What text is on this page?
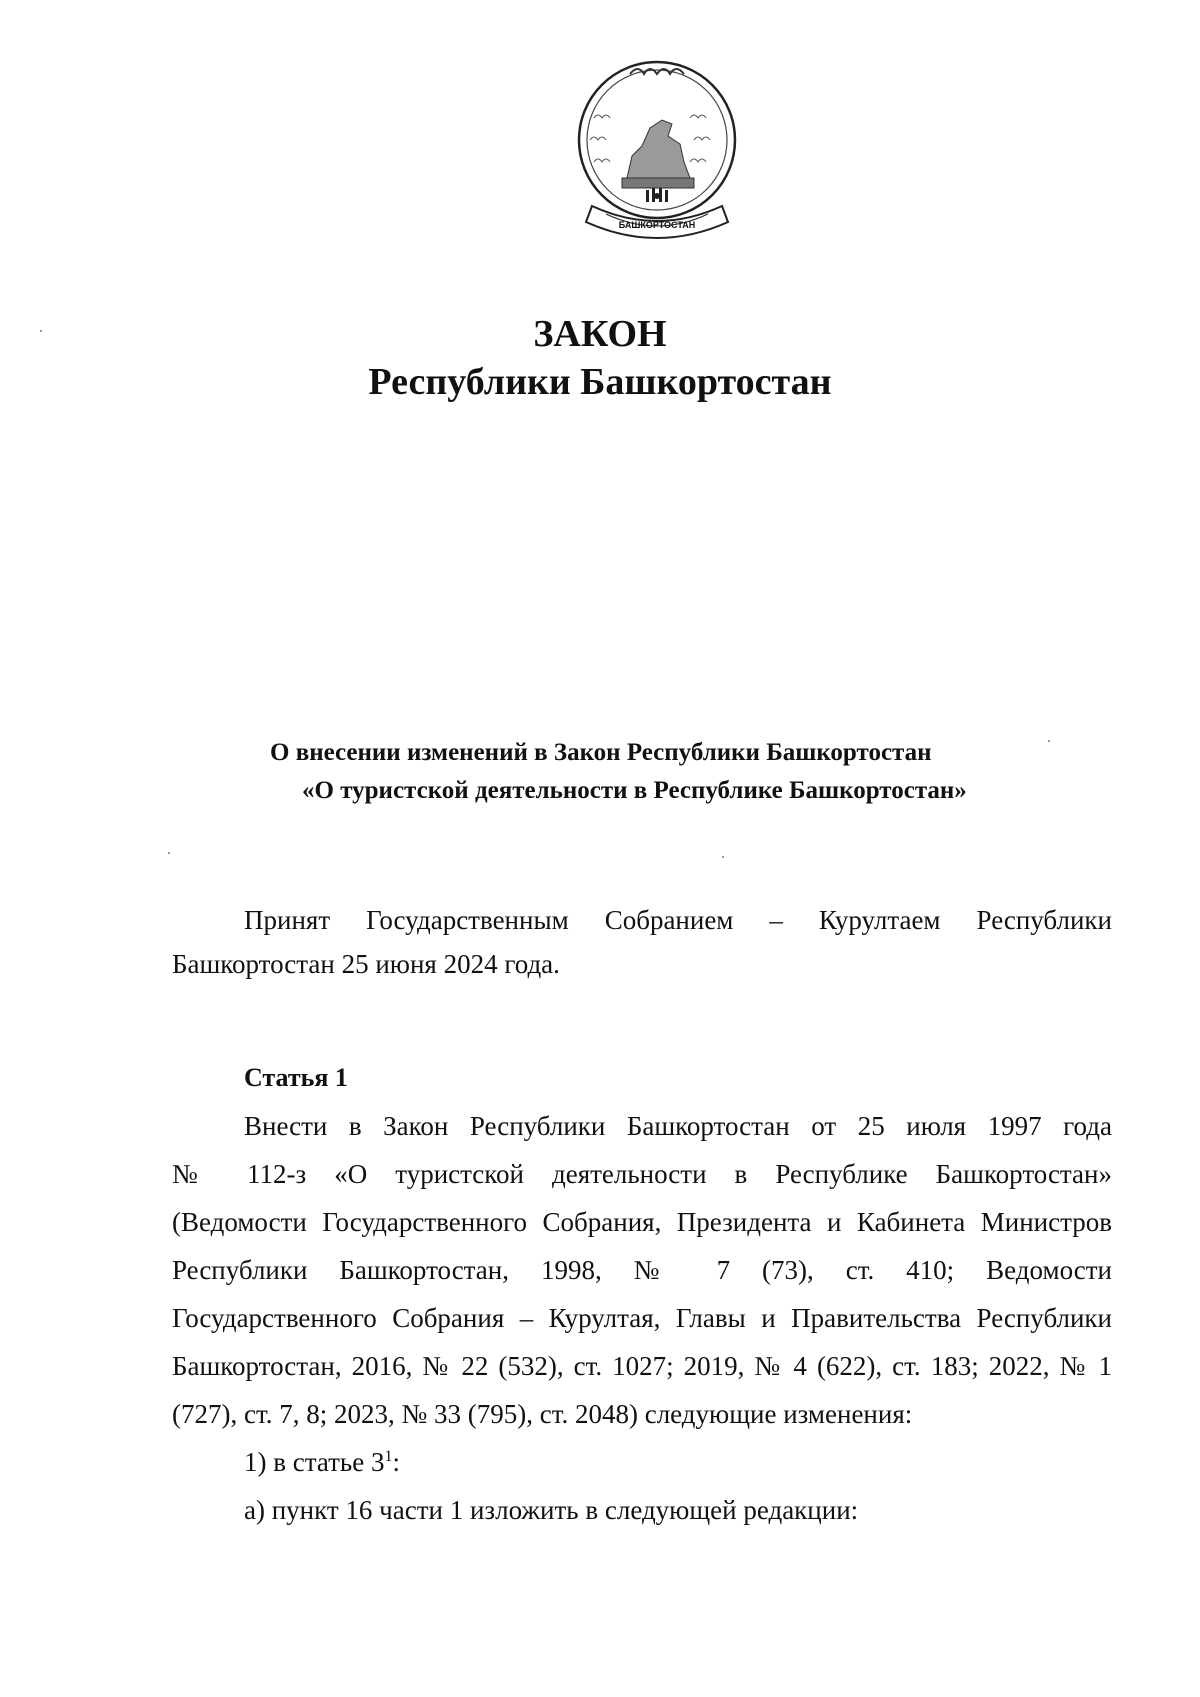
БАШКОРТОСТАН
ЗАКОН
Республики Башкортостан
О внесении изменений в Закон Республики Башкортостан
«О туристской деятельности в Республике Башкортостан»
Принят Государственным Собранием – Курултаем Республики
Башкортостан 25 июня 2024 года.
Статья 1
Внести в Закон Республики Башкортостан от 25 июля 1997 года
№ 112-з «О туристской деятельности в Республике Башкортостан»
(Ведомости Государственного Собрания, Президента и Кабинета Министров
Республики Башкортостан, 1998, № 7 (73), ст. 410; Ведомости
Государственного Собрания – Курултая, Главы и Правительства Республики
Башкортостан, 2016, № 22 (532), ст. 1027; 2019, № 4 (622), ст. 183; 2022, № 1
(727), ст. 7, 8; 2023, № 33 (795), ст. 2048) следующие изменения:
1) в статье $3^1$:
а) пункт 16 части 1 изложить в следующей редакции:
